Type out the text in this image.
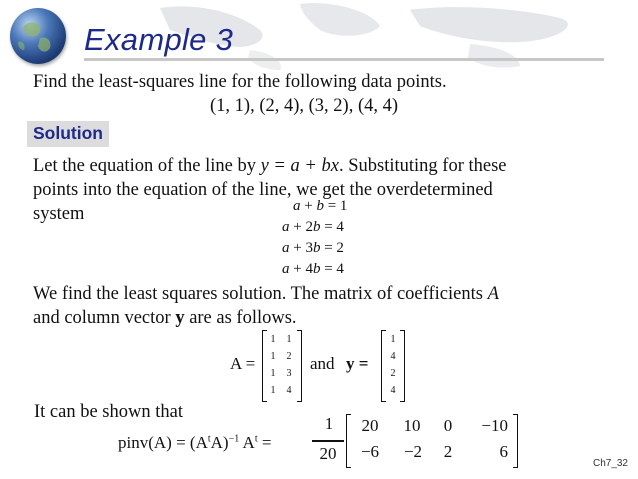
Example 3
Find the least-squares line for the following data points.
(1, 1), (2, 4), (3, 2), (4, 4)
Solution
Let the equation of the line by y = a + bx. Substituting for these
points into the equation of the line, we get the overdetermined
system	a + b = 1
a + 2b = 4
a + 3b = 2
a + 4b = 4
We find the least squares solution. The matrix of coefficients A
and column vector y are as follows.
A =
1	1
1	2
1	3
1	4
and y =
1
4
2
4
It can be shown that
pinv(A) = $(A^tA)^{-1}$ $A^t$ =
1
20
20	10	0	−10
−6	−2	2	6
Ch7_32
